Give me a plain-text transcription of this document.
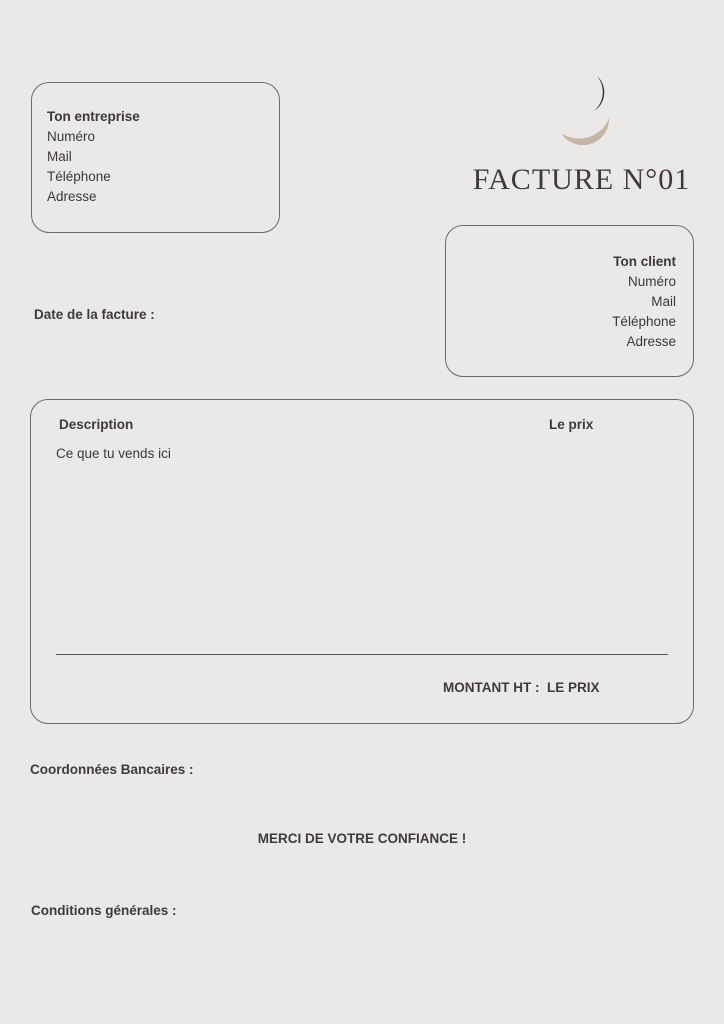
Ton entreprise
Numéro
Mail
Téléphone
Adresse
FACTURE N°01
Ton client
Numéro
Mail
Téléphone
Adresse
Date de la facture :
Description	Le prix
Ce que tu vends ici
MONTANT HT : LE PRIX
Coordonnées Bancaires :
MERCI DE VOTRE CONFIANCE !
Conditions générales :
